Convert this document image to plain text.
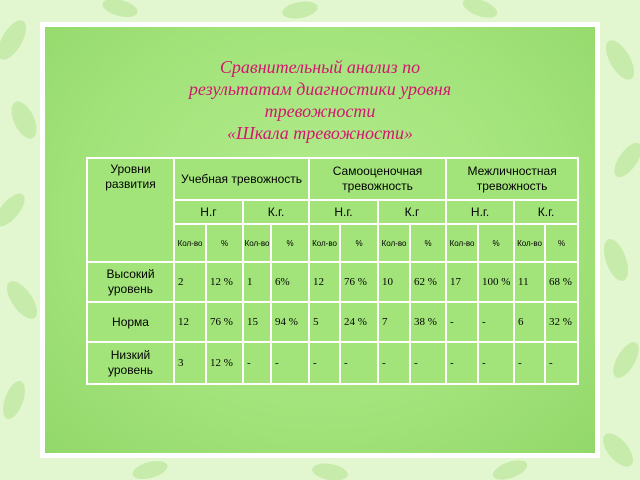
Сравнительный анализ по
результатам диагностики уровня
тревожности
«Шкала тревожности»
Уровни развития	Учебная тревожность				Самооценочная тревожность				Межличностная тревожность			
	Н.г		К.г.		Н.г.		К.г		Н.г.		К.г.	
	Кол-во	%	Кол-во	%	Кол-во	%	Кол-во	%	Кол-во	%	Кол-во	%
Высокий уровень	2	12 %	1	6%	12	76 %	10	62 %	17	100 %	11	68 %
Норма	12	76 %	15	94 %	5	24 %	7	38 %	-	-	6	32 %
Низкий уровень	3	12 %	-	-	-	-	-	-	-	-	-	-
